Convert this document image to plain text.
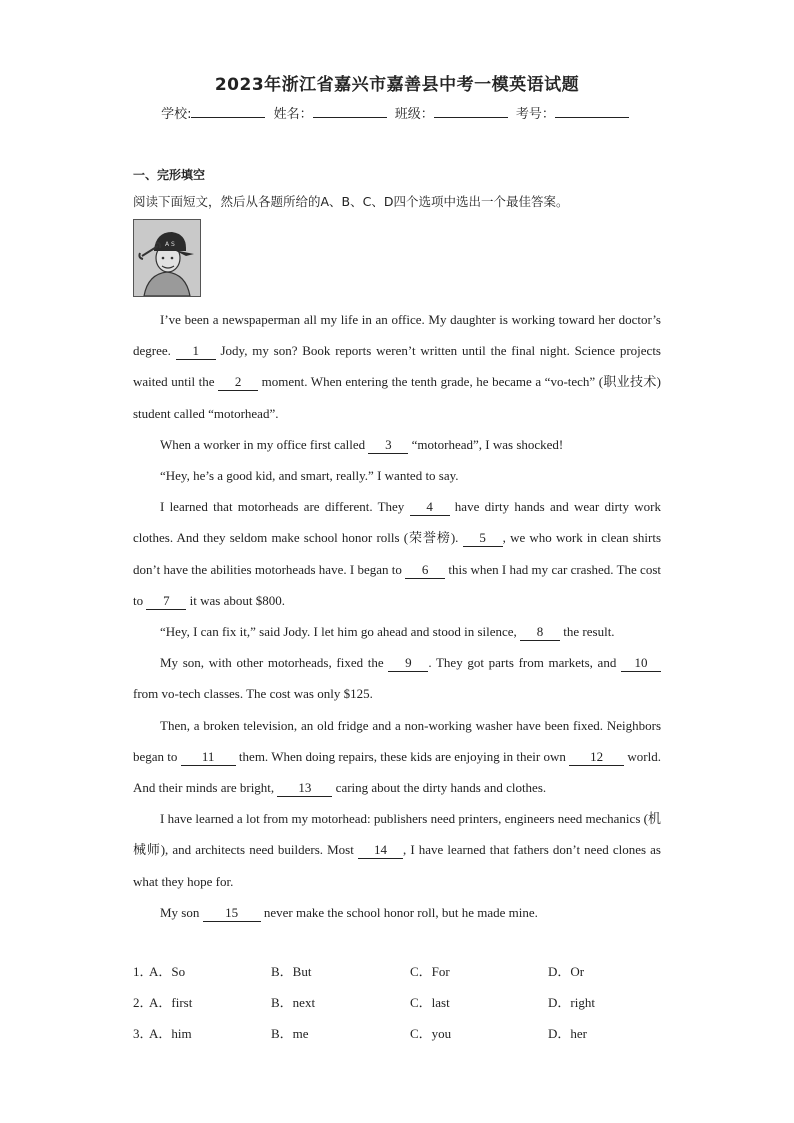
2023年浙江省嘉兴市嘉善县中考一模英语试题
学校:	姓名：	班级：	考号：
一、完形填空
阅读下面短文，然后从各题所给的A、B、C、D四个选项中选出一个最佳答案。
A S

I’ve been a newspaperman all my life in an office. My daughter is working toward her doctor’s degree. 1 Jody, my son? Book reports weren’t written until the final night. Science projects waited until the 2 moment. When entering the tenth grade, he became a “vo-tech” (职业技术) student called “motorhead”.

When a worker in my office first called 3 “motorhead”, I was shocked!

“Hey, he’s a good kid, and smart, really.” I wanted to say.

I learned that motorheads are different. They 4 have dirty hands and wear dirty work clothes. And they seldom make school honor rolls (荣誉榜). 5 , we who work in clean shirts don’t have the abilities motorheads have. I began to 6 this when I had my car crashed. The cost to 7 it was about $800.

“Hey, I can fix it,” said Jody. I let him go ahead and stood in silence, 8 the result.

My son, with other motorheads, fixed the 9 . They got parts from markets, and 10 from vo-tech classes. The cost was only $125.

Then, a broken television, an old fridge and a non-working washer have been fixed. Neighbors began to 11 them. When doing repairs, these kids are enjoying in their own 12 world. And their minds are bright, 13 caring about the dirty hands and clothes.

I have learned a lot from my motorhead: publishers need printers, engineers need mechanics (机械师), and architects need builders. Most 14 , I have learned that fathers don’t need clones as what they hope for.

My son 15 never make the school honor roll, but he made mine.

1．
A．So	B．But	C．For	D．Or
2．
A．first	B．next	C．last	D．right
3．
A．him	B．me	C．you	D．her
